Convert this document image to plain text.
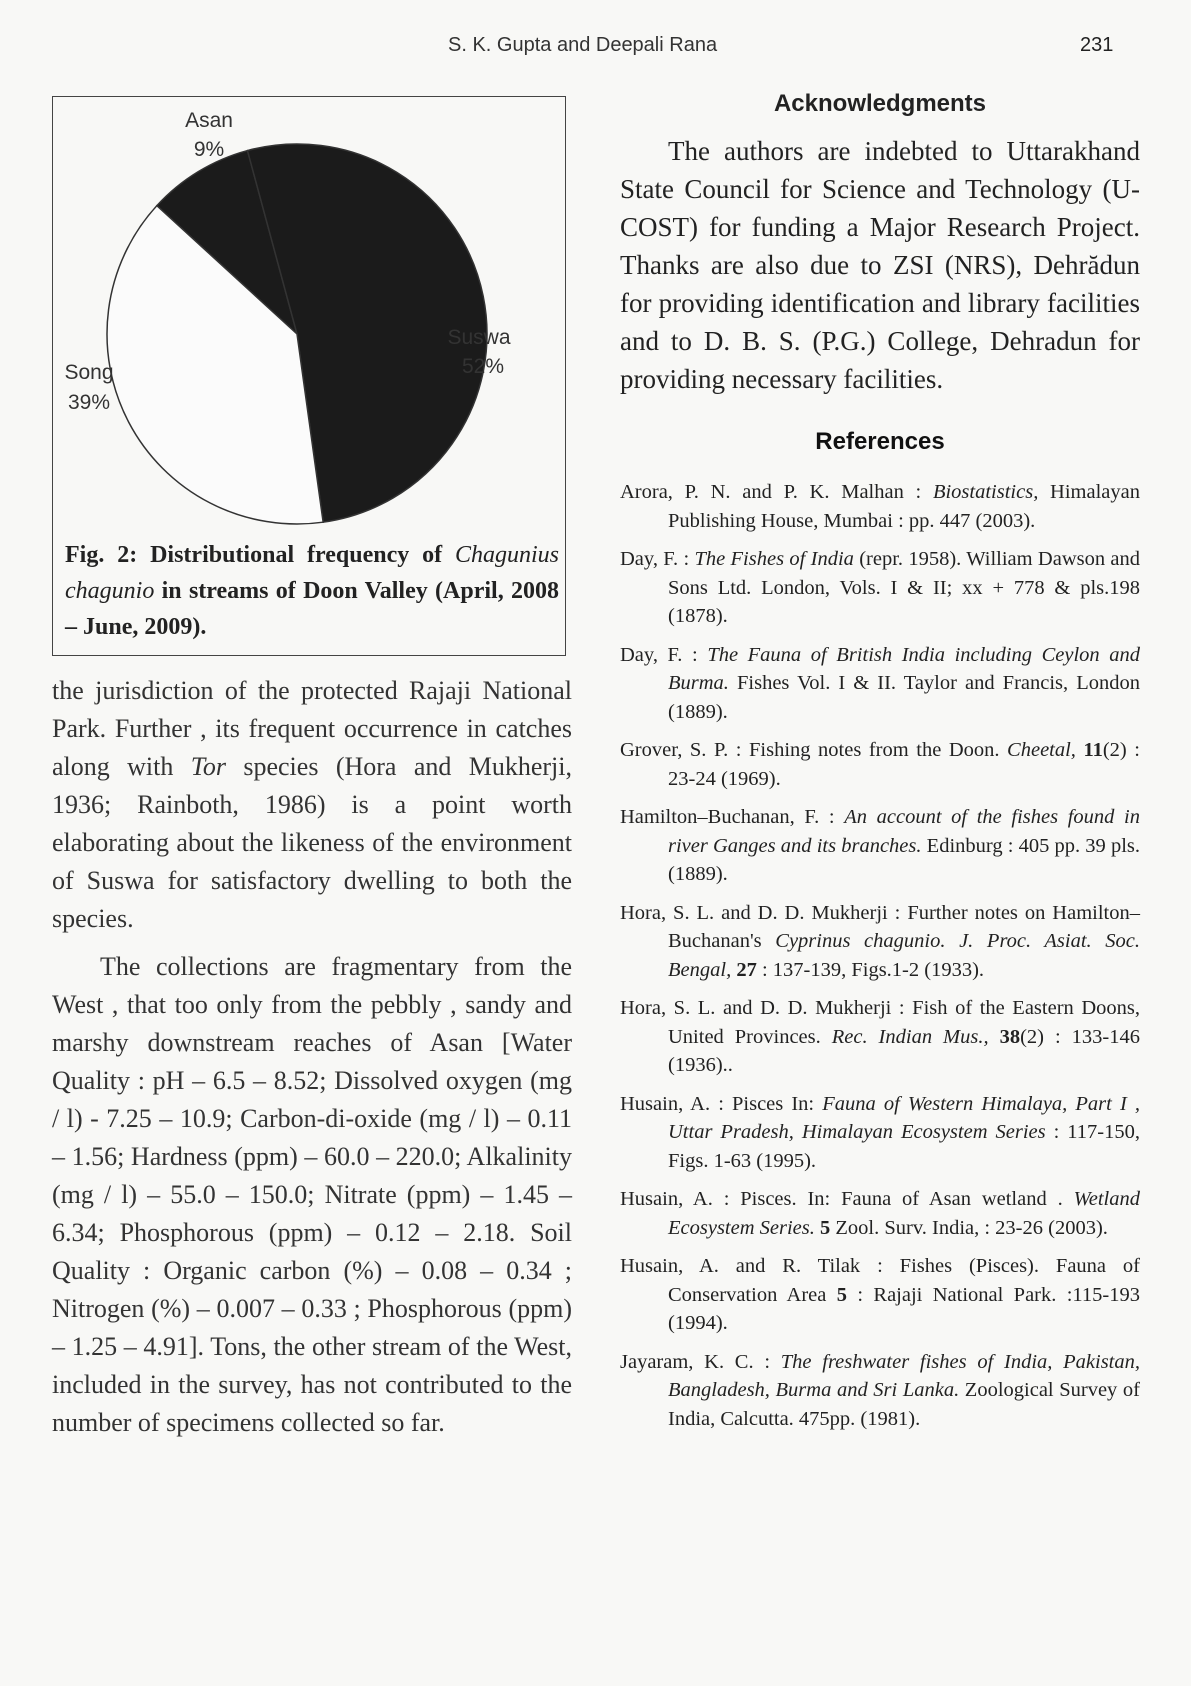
S. K. Gupta and Deepali Rana	231
Asan
9%
Suswa
52%
Song
39%
Fig. 2: Distributional frequency of Chagunius chagunio in streams of Doon Valley (April, 2008 – June, 2009).

the jurisdiction of the protected Rajaji National Park. Further , its frequent occurrence in catches along with Tor species (Hora and Mukherji, 1936; Rainboth, 1986) is a point worth elaborating about the likeness of the environment of Suswa for satisfactory dwelling to both the species.

The collections are fragmentary from the West , that too only from the pebbly , sandy and marshy downstream reaches of Asan [Water Quality : pH – 6.5 – 8.52; Dissolved oxygen (mg / l) - 7.25 – 10.9; Carbon-di-oxide (mg / l) – 0.11 – 1.56; Hardness (ppm) – 60.0 – 220.0; Alkalinity (mg / l) – 55.0 – 150.0; Nitrate (ppm) – 1.45 – 6.34; Phosphorous (ppm) – 0.12 – 2.18. Soil Quality : Organic carbon (%) – 0.08 – 0.34 ; Nitrogen (%) – 0.007 – 0.33 ; Phosphorous (ppm) – 1.25 – 4.91]. Tons, the other stream of the West, included in the survey, has not contributed to the number of specimens collected so far.

Acknowledgments

The authors are indebted to Uttarakhand State Council for Science and Technology (U-COST) for funding a Major Research Project. Thanks are also due to ZSI (NRS), Dehrădun for providing identification and library facilities and to D. B. S. (P.G.) College, Dehradun for providing necessary facilities.

References
Arora, P. N. and P. K. Malhan : Biostatistics, Himalayan Publishing House, Mumbai : pp. 447 (2003).
Day, F. : The Fishes of India (repr. 1958). William Dawson and Sons Ltd. London, Vols. I & II; xx + 778 & pls.198 (1878).
Day, F. : The Fauna of British India including Ceylon and Burma. Fishes Vol. I & II. Taylor and Francis, London (1889).
Grover, S. P. : Fishing notes from the Doon. Cheetal, 11(2) : 23-24 (1969).
Hamilton–Buchanan, F. : An account of the fishes found in river Ganges and its branches. Edinburg : 405 pp. 39 pls. (1889).
Hora, S. L. and D. D. Mukherji : Further notes on Hamilton–Buchanan's Cyprinus chagunio. J. Proc. Asiat. Soc. Bengal, 27 : 137-139, Figs.1-2 (1933).
Hora, S. L. and D. D. Mukherji : Fish of the Eastern Doons, United Provinces. Rec. Indian Mus., 38(2) : 133-146 (1936)..
Husain, A. : Pisces In: Fauna of Western Himalaya, Part I , Uttar Pradesh, Himalayan Ecosystem Series : 117-150, Figs. 1-63 (1995).
Husain, A. : Pisces. In: Fauna of Asan wetland . Wetland Ecosystem Series. 5 Zool. Surv. India, : 23-26 (2003).
Husain, A. and R. Tilak : Fishes (Pisces). Fauna of Conservation Area 5 : Rajaji National Park. :115-193 (1994).
Jayaram, K. C. : The freshwater fishes of India, Pakistan, Bangladesh, Burma and Sri Lanka. Zoological Survey of India, Calcutta. 475pp. (1981).
